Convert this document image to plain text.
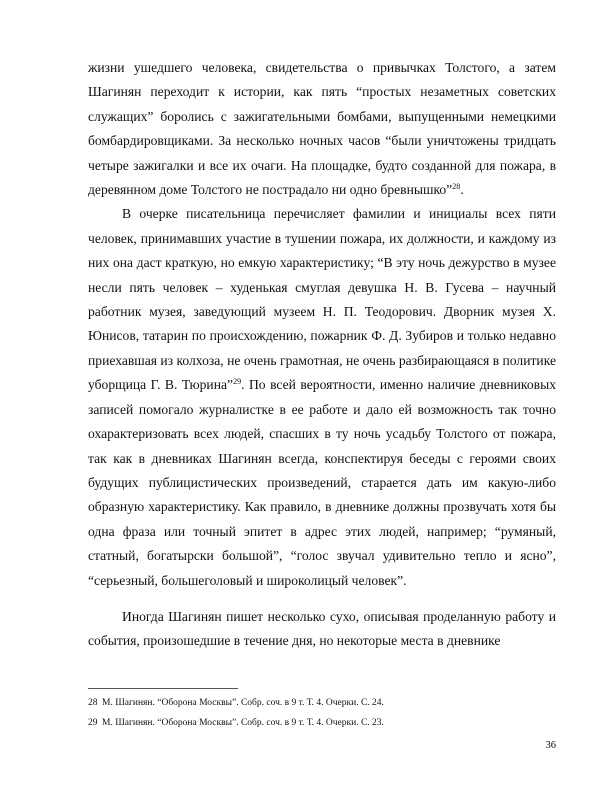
жизни ушедшего человека, свидетельства о привычках Толстого, а затем Шагинян переходит к истории, как пять “простых незаметных советских служащих” боролись с зажигательными бомбами, выпущенными немецкими бомбардировщиками. За несколько ночных часов “были уничтожены тридцать четыре зажигалки и все их очаги. На площадке, будто созданной для пожара, в деревянном доме Толстого не пострадало ни одно бревнышко”$^{28}$.

В очерке писательница перечисляет фамилии и инициалы всех пяти человек, принимавших участие в тушении пожара, их должности, и каждому из них она даст краткую, но емкую характеристику; “В эту ночь дежурство в музее несли пять человек – худенькая смуглая девушка Н. В. Гусева – научный работник музея, заведующий музеем Н. П. Теодорович. Дворник музея Х. Юнисов, татарин по происхождению, пожарник Ф. Д. Зубиров и только недавно приехавшая из колхоза, не очень грамотная, не очень разбирающаяся в политике уборщица Г. В. Тюрина”$^{29}$. По всей вероятности, именно наличие дневниковых записей помогало журналистке в ее работе и дало ей возможность так точно охарактеризовать всех людей, спасших в ту ночь усадьбу Толстого от пожара, так как в дневниках Шагинян всегда, конспектируя беседы с героями своих будущих публицистических произведений, старается дать им какую-либо образную характеристику. Как правило, в дневнике должны прозвучать хотя бы одна фраза или точный эпитет в адрес этих людей, например; “румяный, статный, богатырски большой”, “голос звучал удивительно тепло и ясно”, “серьезный, большеголовый и широколицый человек”.

Иногда Шагинян пишет несколько сухо, описывая проделанную работу и события, произошедшие в течение дня, но некоторые места в дневнике

28 М. Шагинян. “Оборона Москвы”. Собр. соч. в 9 т. Т. 4. Очерки. С. 24.

29 М. Шагинян. “Оборона Москвы”. Собр. соч. в 9 т. Т. 4. Очерки. С. 23.

36
